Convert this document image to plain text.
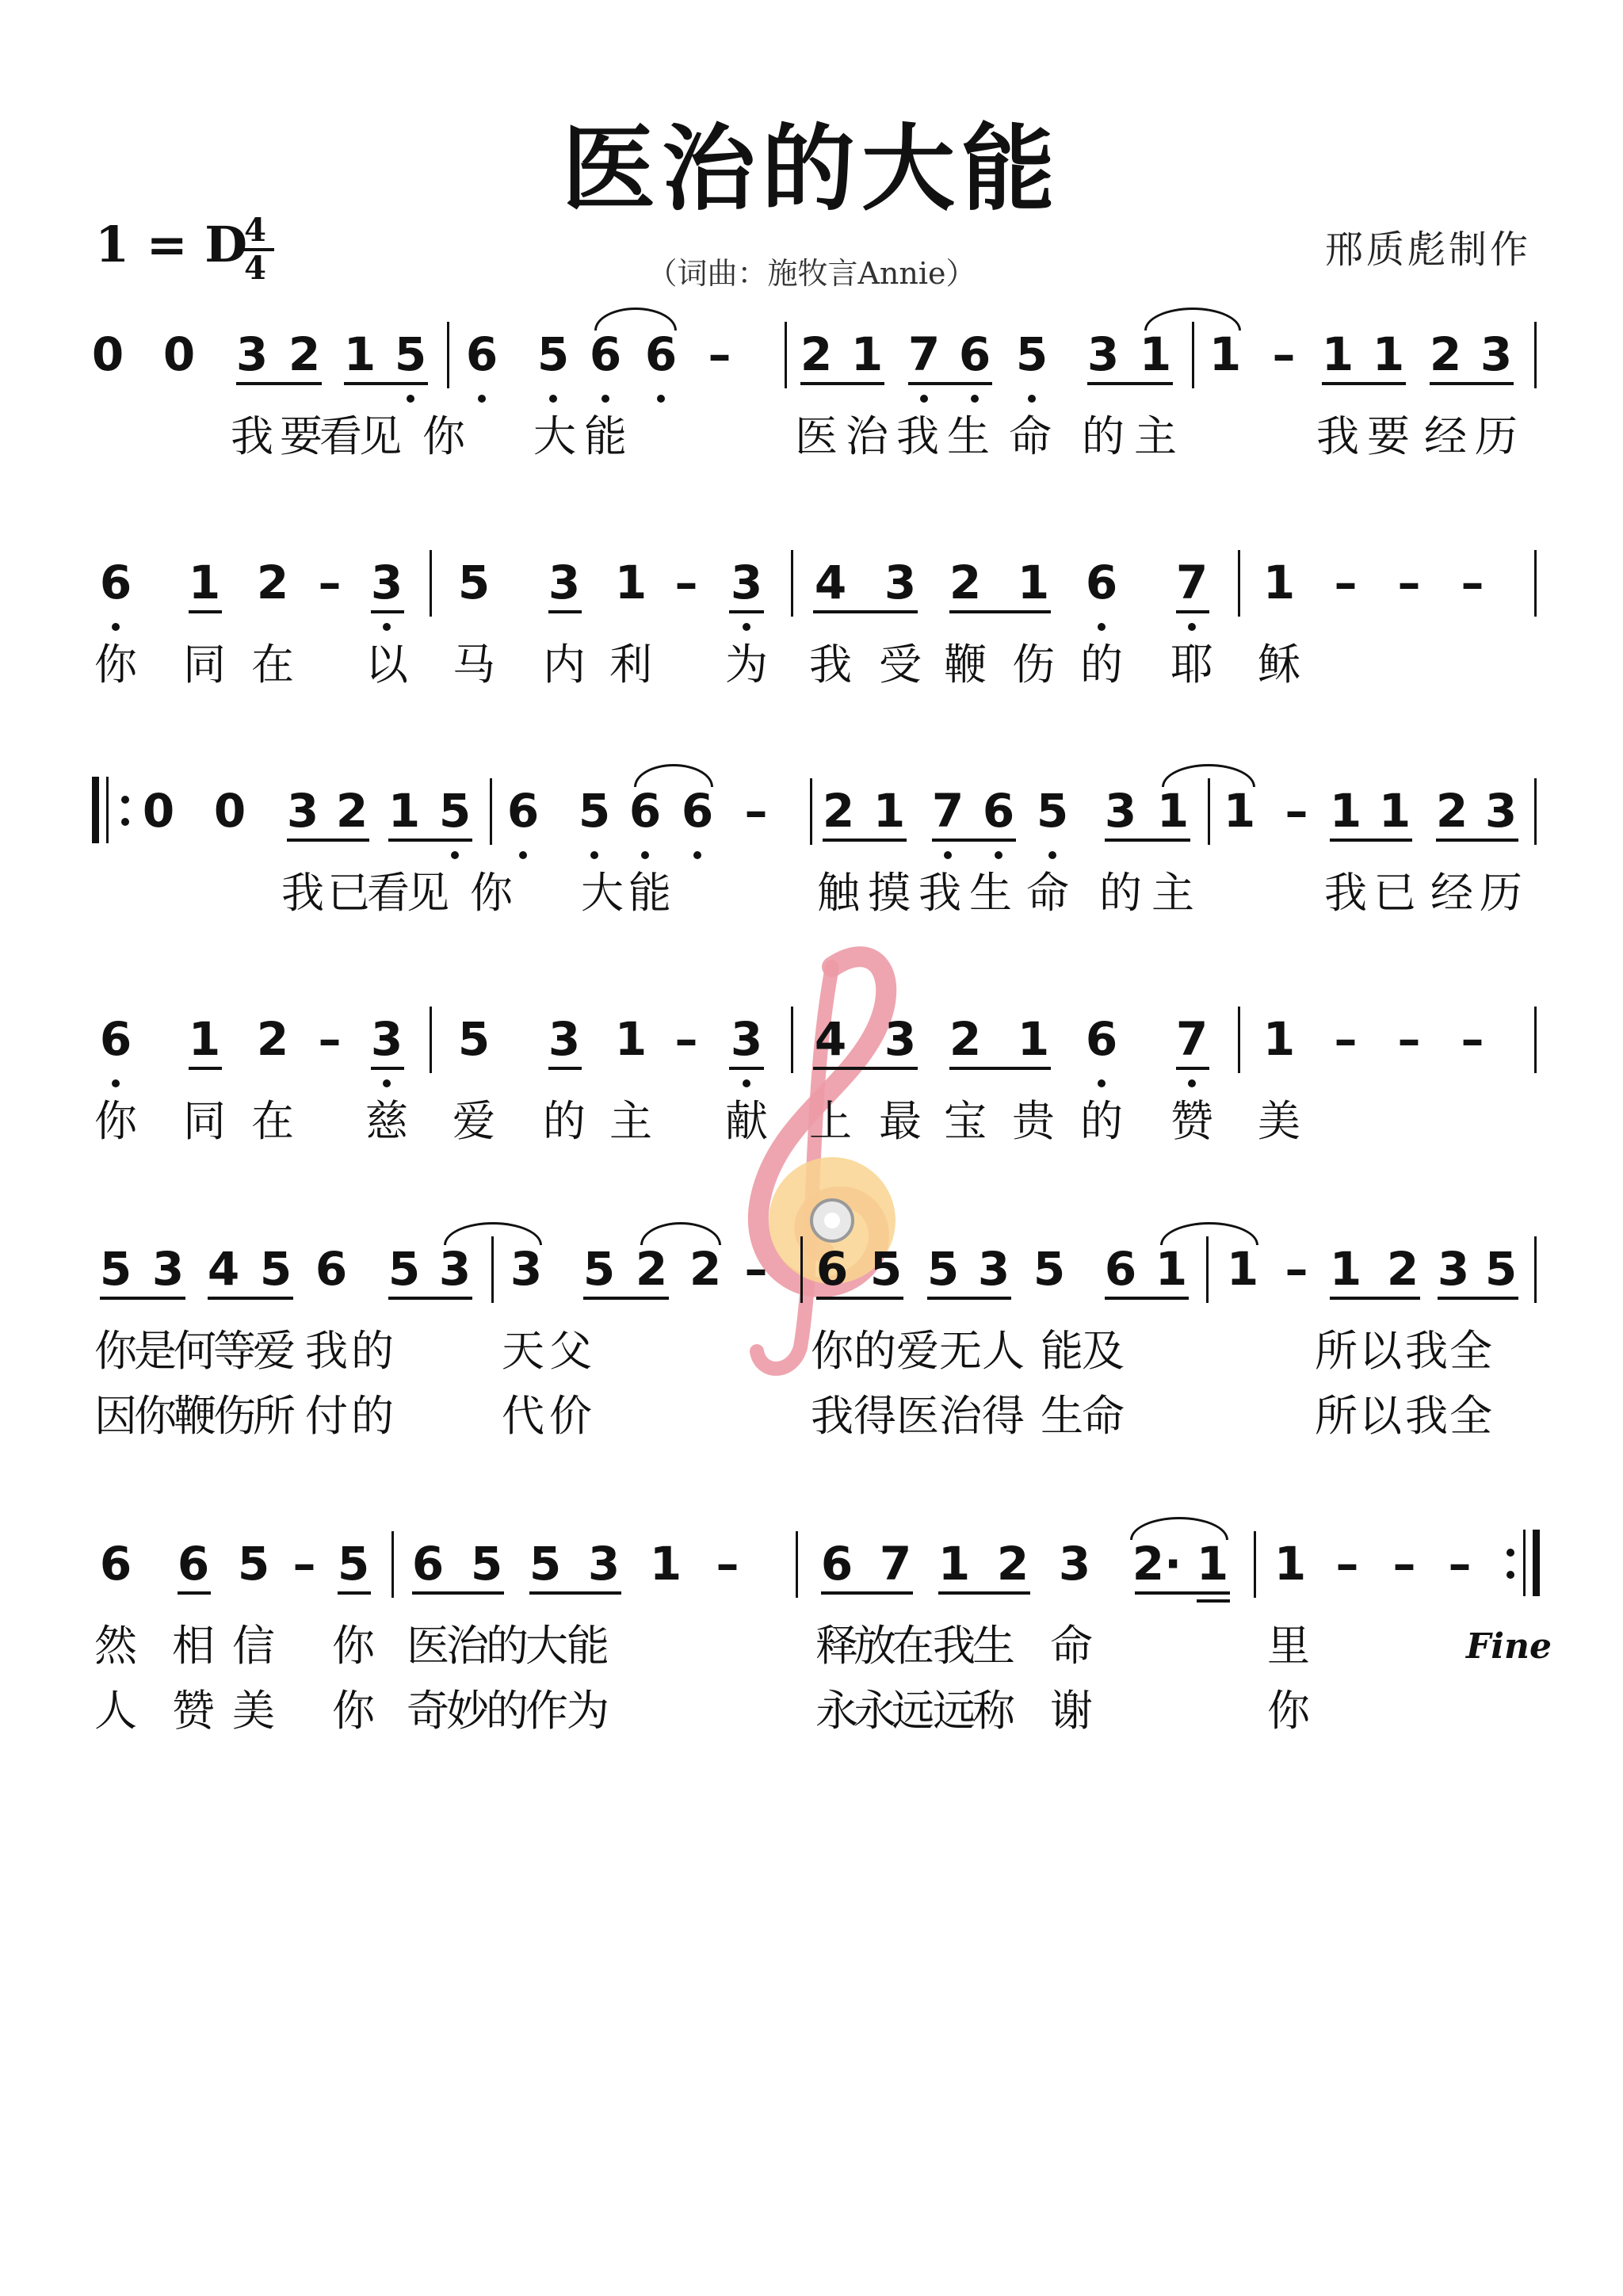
医治的大能
1 = D
4
4	（词曲：施牧言Annie）
邢质彪制作
0 0 3 2 1 5 6 5 6 6 – 2 1 7 6 5 3 1 1 – 1 1 2 3
我 要
看
见 你 大 能	医 治 我 生 命 的 主	我 要 经 历
6 1 2 – 3 5 3 1 – 3 4 3 2 1 6 7 1 – – –
你 同 在 以 马 内 利 为 我 受 鞭 伤 的 耶 稣
0 0 3 2 1 5 6 5 6 6 – 2 1 7 6 5 3 1 1 – 1 1 2 3
我 已
看
见 你 大 能	触 摸 我 生 命 的 主	我 已 经 历
6 1 2 – 3 5 3 1 – 3 4 3 2 1 6 7 1 – – –
你 同 在 慈 爱 的 主 献 上 最 宝 贵 的 赞 美
5 3 4 5 6 5 3 3 5 2 2 – 6 5 5 3 5 6 1 1 – 1 2 3 5
你
是
何
等
爱 我 的	天 父	你 的 爱 无 人 能
及	所 以 我 全
因
你
鞭
伤
所 付 的	代 价	我 得 医 治 得 生
命	所 以 我 全
6 6 5 – 5 6 5 5 3 1 – 6 7 1 2 3 2· 1 1 – – –
然 相 信 你 医
治
的
大
能	释
放
在
我
生 命	里
人 赞 美 你 奇
妙
的
作
为	永
永
远
远
称 谢	你
Fine
